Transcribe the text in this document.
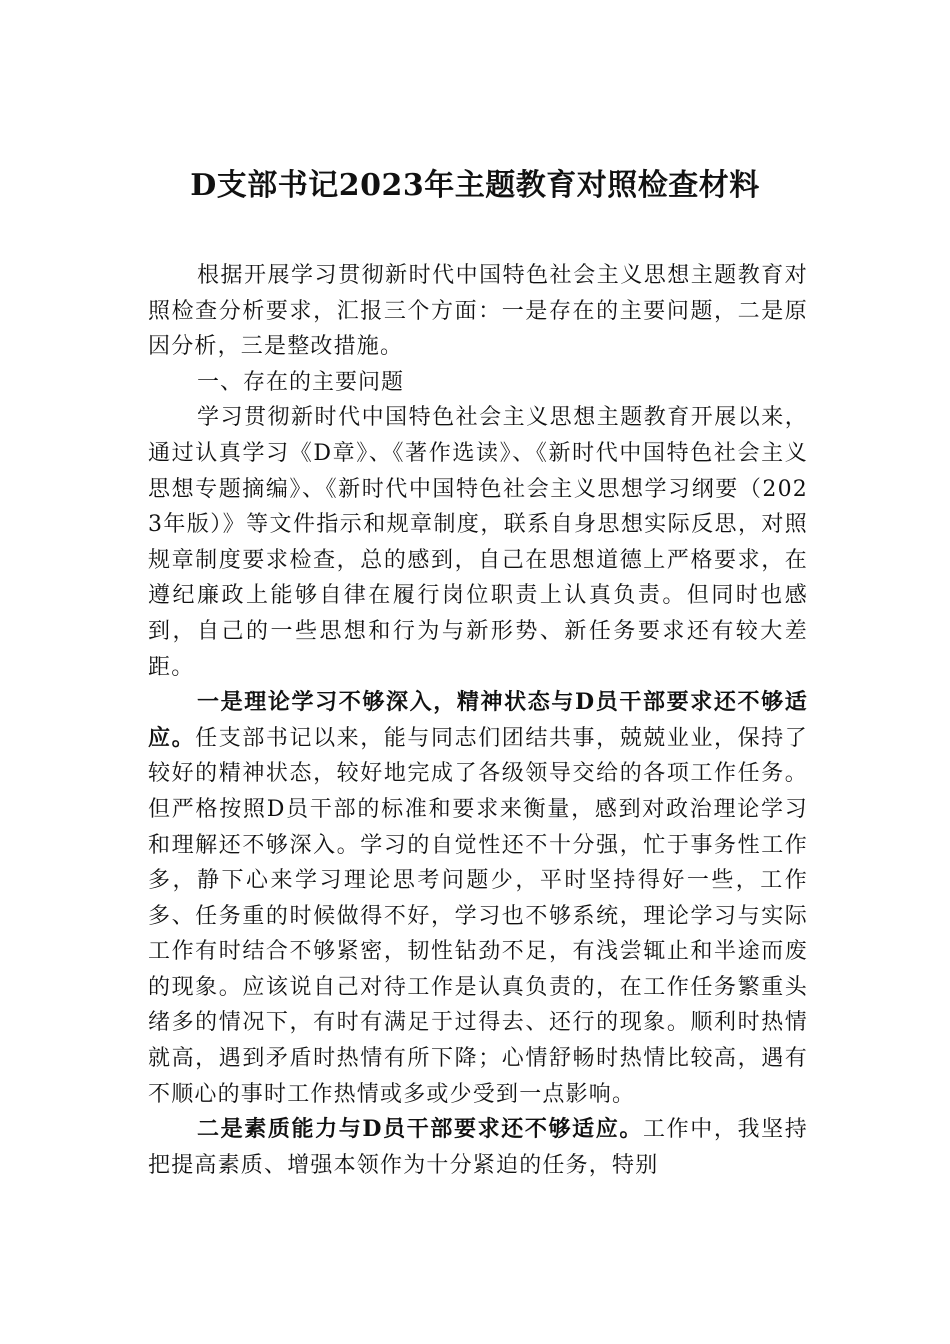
D支部书记2023年主题教育对照检查材料

根据开展学习贯彻新时代中国特色社会主义思想主题教育对照检查分析要求，汇报三个方面：一是存在的主要问题，二是原因分析，三是整改措施。

一、存在的主要问题

学习贯彻新时代中国特色社会主义思想主题教育开展以来，通过认真学习《D章》、《著作选读》、《新时代中国特色社会主义思想专题摘编》、《新时代中国特色社会主义思想学习纲要（2023年版）》等文件指示和规章制度，联系自身思想实际反思，对照规章制度要求检查，总的感到，自己在思想道德上严格要求，在遵纪廉政上能够自律在履行岗位职责上认真负责。但同时也感到，自己的一些思想和行为与新形势、新任务要求还有较大差距。

一是理论学习不够深入，精神状态与D员干部要求还不够适应。任支部书记以来，能与同志们团结共事，兢兢业业，保持了较好的精神状态，较好地完成了各级领导交给的各项工作任务。但严格按照D员干部的标准和要求来衡量，感到对政治理论学习和理解还不够深入。学习的自觉性还不十分强，忙于事务性工作多，静下心来学习理论思考问题少，平时坚持得好一些，工作多、任务重的时候做得不好，学习也不够系统，理论学习与实际工作有时结合不够紧密，韧性钻劲不足，有浅尝辄止和半途而废的现象。应该说自己对待工作是认真负责的，在工作任务繁重头绪多的情况下，有时有满足于过得去、还行的现象。顺利时热情就高，遇到矛盾时热情有所下降；心情舒畅时热情比较高，遇有不顺心的事时工作热情或多或少受到一点影响。

二是素质能力与D员干部要求还不够适应。工作中，我坚持把提高素质、增强本领作为十分紧迫的任务，特别
